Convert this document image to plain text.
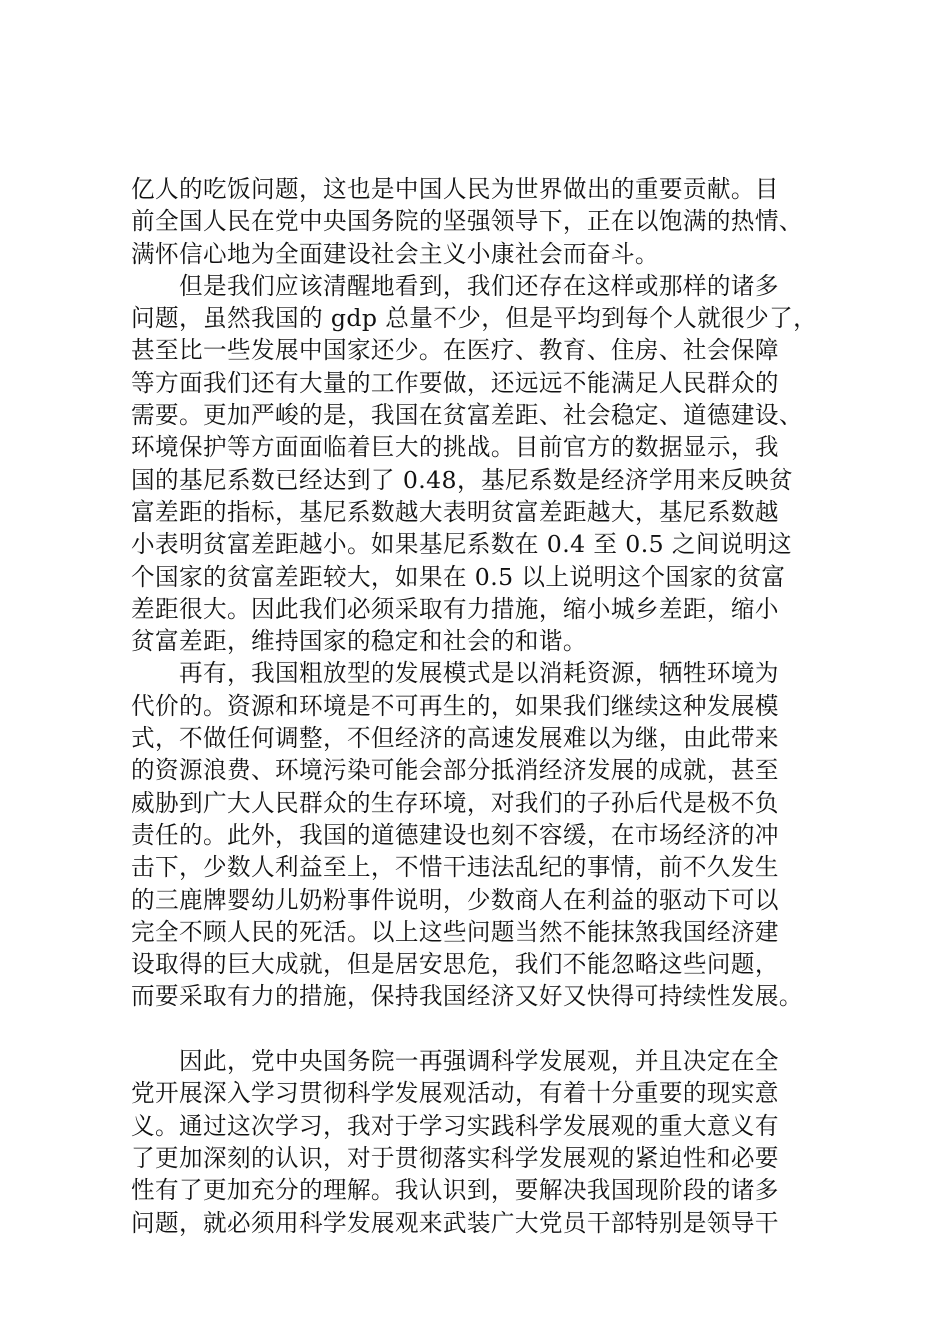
亿人的吃饭问题，这也是中国人民为世界做出的重要贡献。目
前全国人民在党中央国务院的坚强领导下，正在以饱满的热情、
满怀信心地为全面建设社会主义小康社会而奋斗。
　　但是我们应该清醒地看到，我们还存在这样或那样的诸多
问题，虽然我国的 gdp 总量不少，但是平均到每个人就很少了，
甚至比一些发展中国家还少。在医疗、教育、住房、社会保障
等方面我们还有大量的工作要做，还远远不能满足人民群众的
需要。更加严峻的是，我国在贫富差距、社会稳定、道德建设、
环境保护等方面面临着巨大的挑战。目前官方的数据显示，我
国的基尼系数已经达到了 0.48，基尼系数是经济学用来反映贫
富差距的指标，基尼系数越大表明贫富差距越大，基尼系数越
小表明贫富差距越小。如果基尼系数在 0.4 至 0.5 之间说明这
个国家的贫富差距较大，如果在 0.5 以上说明这个国家的贫富
差距很大。因此我们必须采取有力措施，缩小城乡差距，缩小
贫富差距，维持国家的稳定和社会的和谐。
　　再有，我国粗放型的发展模式是以消耗资源，牺牲环境为
代价的。资源和环境是不可再生的，如果我们继续这种发展模
式，不做任何调整，不但经济的高速发展难以为继，由此带来
的资源浪费、环境污染可能会部分抵消经济发展的成就，甚至
威胁到广大人民群众的生存环境，对我们的子孙后代是极不负
责任的。此外，我国的道德建设也刻不容缓，在市场经济的冲
击下，少数人利益至上，不惜干违法乱纪的事情，前不久发生
的三鹿牌婴幼儿奶粉事件说明，少数商人在利益的驱动下可以
完全不顾人民的死活。以上这些问题当然不能抹煞我国经济建
设取得的巨大成就，但是居安思危，我们不能忽略这些问题，
而要采取有力的措施，保持我国经济又好又快得可持续性发展。
　　因此，党中央国务院一再强调科学发展观，并且决定在全
党开展深入学习贯彻科学发展观活动，有着十分重要的现实意
义。通过这次学习，我对于学习实践科学发展观的重大意义有
了更加深刻的认识，对于贯彻落实科学发展观的紧迫性和必要
性有了更加充分的理解。我认识到，要解决我国现阶段的诸多
问题，就必须用科学发展观来武装广大党员干部特别是领导干
